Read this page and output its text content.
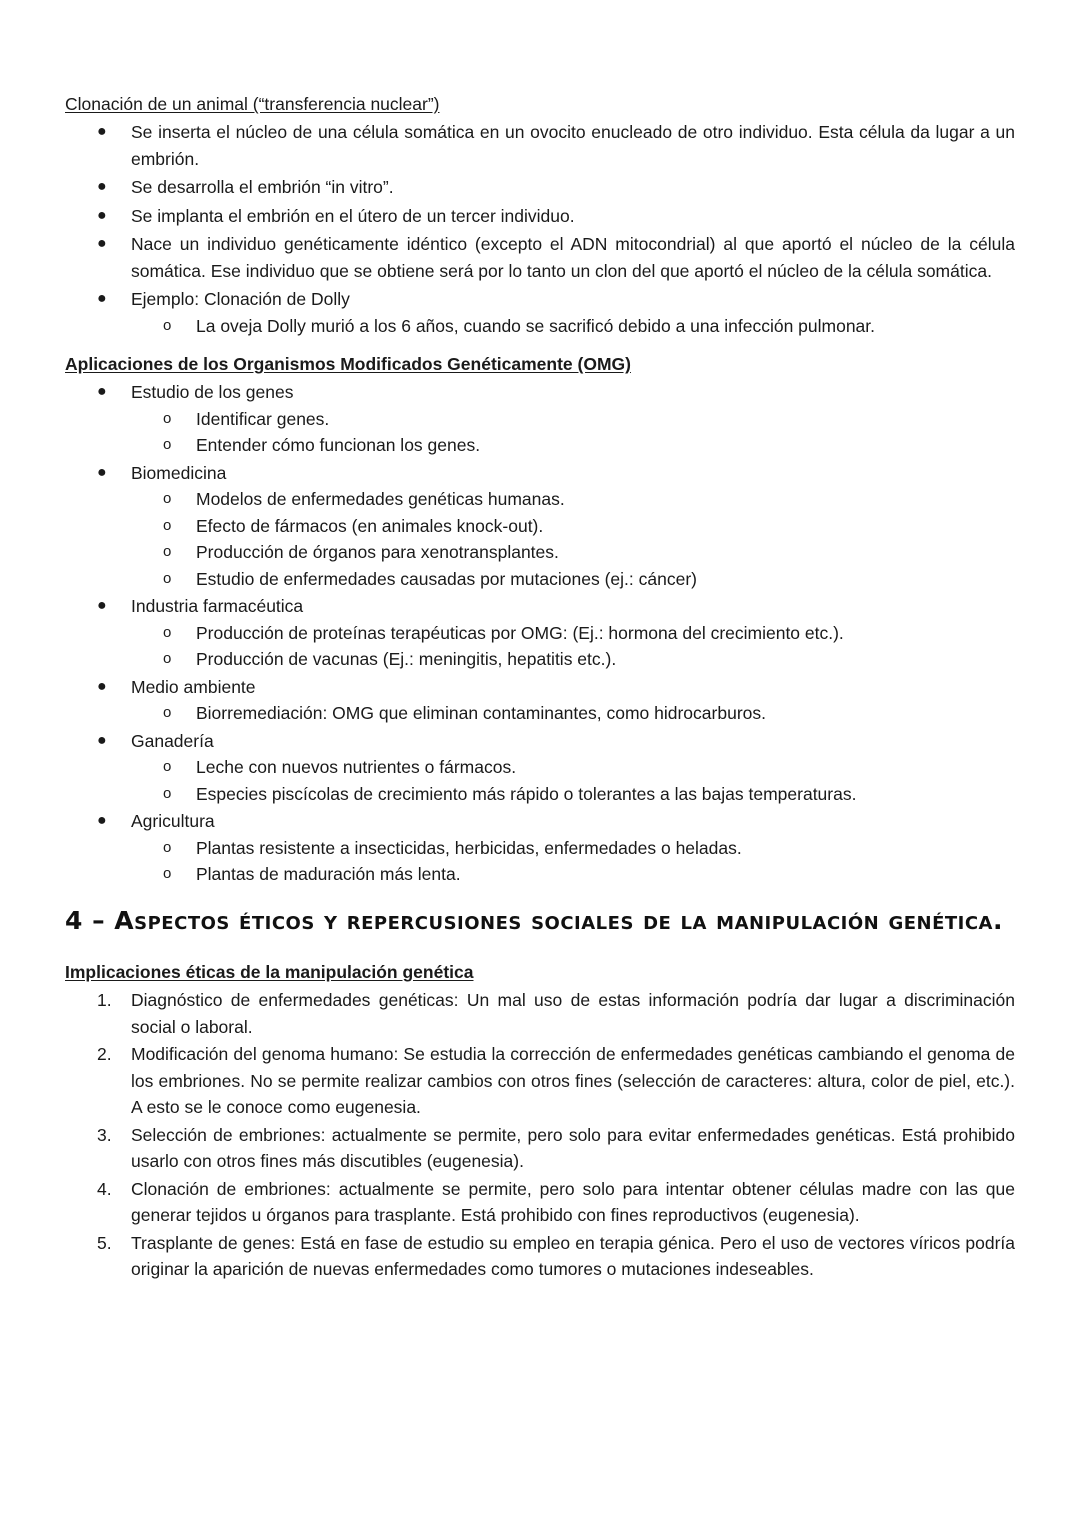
Clonación de un animal (“transferencia nuclear”)
● Se inserta el núcleo de una célula somática en un ovocito enucleado de otro individuo. Esta célula da lugar a un embrión.
● Se desarrolla el embrión “in vitro”.
● Se implanta el embrión en el útero de un tercer individuo.
● Nace un individuo genéticamente idéntico (excepto el ADN mitocondrial) al que aportó el núcleo de la célula somática. Ese individuo que se obtiene será por lo tanto un clon del que aportó el núcleo de la célula somática.
● Ejemplo: Clonación de Dolly
o La oveja Dolly murió a los 6 años, cuando se sacrificó debido a una infección pulmonar.
Aplicaciones de los Organismos Modificados Genéticamente (OMG)
● Estudio de los genes
o Identificar genes.
o Entender cómo funcionan los genes.
● Biomedicina
o Modelos de enfermedades genéticas humanas.
o Efecto de fármacos (en animales knock-out).
o Producción de órganos para xenotransplantes.
o Estudio de enfermedades causadas por mutaciones (ej.: cáncer)
● Industria farmacéutica
o Producción de proteínas terapéuticas por OMG: (Ej.: hormona del crecimiento etc.).
o Producción de vacunas (Ej.: meningitis, hepatitis etc.).
● Medio ambiente
o Biorremediación: OMG que eliminan contaminantes, como hidrocarburos.
● Ganadería
o Leche con nuevos nutrientes o fármacos.
o Especies piscícolas de crecimiento más rápido o tolerantes a las bajas temperaturas.
● Agricultura
o Plantas resistente a insecticidas, herbicidas, enfermedades o heladas.
o Plantas de maduración más lenta.
4 – Aspectos éticos y repercusiones sociales de la manipulación genética.
Implicaciones éticas de la manipulación genética
1. Diagnóstico de enfermedades genéticas: Un mal uso de estas información podría dar lugar a discriminación social o laboral.
2. Modificación del genoma humano: Se estudia la corrección de enfermedades genéticas cambiando el genoma de los embriones. No se permite realizar cambios con otros fines (selección de caracteres: altura, color de piel, etc.). A esto se le conoce como eugenesia.
3. Selección de embriones: actualmente se permite, pero solo para evitar enfermedades genéticas. Está prohibido usarlo con otros fines más discutibles (eugenesia).
4. Clonación de embriones: actualmente se permite, pero solo para intentar obtener células madre con las que generar tejidos u órganos para trasplante. Está prohibido con fines reproductivos (eugenesia).
5. Trasplante de genes: Está en fase de estudio su empleo en terapia génica. Pero el uso de vectores víricos podría originar la aparición de nuevas enfermedades como tumores o mutaciones indeseables.
